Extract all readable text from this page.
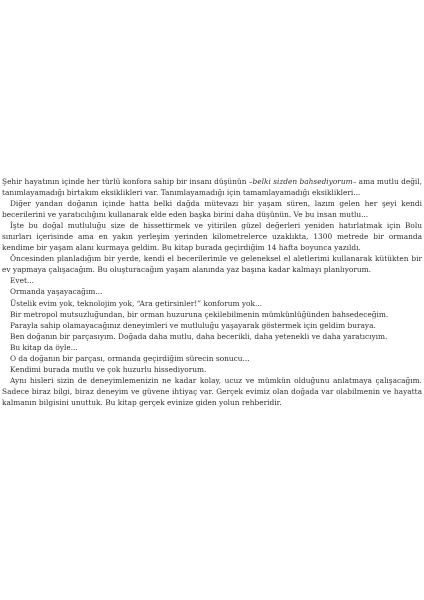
Şehir hayatının içinde her türlü konfora sahip bir insanı düşünün –belki sizden bahsediyorum– ama mutlu değil, tanımlayamadığı birtakım eksiklikleri var. Tanımlayamadığı için tamamlayamadığı eksiklikleri...

Diğer yandan doğanın içinde hatta belki dağda mütevazı bir yaşam süren, lazım gelen her şeyi kendi becerilerini ve yaratıcılığını kullanarak elde eden başka birini daha düşünün. Ve bu insan mutlu...

İşte bu doğal mutluluğu size de hissettirmek ve yitirilen güzel değerleri yeniden hatırlatmak için Bolu sınırları içerisinde ama en yakın yerleşim yerinden kilometrelerce uzaklıkta, 1300 metrede bir ormanda kendime bir yaşam alanı kurmaya geldim. Bu kitap burada geçirdiğim 14 hafta boyunca yazıldı.

Öncesinden planladığım bir yerde, kendi el becerilerimle ve geleneksel el aletlerimi kullanarak kütükten bir ev yapmaya çalışacağım. Bu oluşturacağım yaşam alanında yaz başına kadar kalmayı planlıyorum.

Evet...

Ormanda yaşayacağım...

Üstelik evim yok, teknolojim yok, “Ara getirsinler!” konforum yok...

Bir metropol mutsuzluğundan, bir orman huzuruna çekilebilmenin mümkünlüğünden bahsedeceğim.

Parayla sahip olamayacağınız deneyimleri ve mutluluğu yaşayarak göstermek için geldim buraya.

Ben doğanın bir parçasıyım. Doğada daha mutlu, daha becerikli, daha yetenekli ve daha yaratıcıyım.

Bu kitap da öyle...

O da doğanın bir parçası, ormanda geçirdiğim sürecin sonucu...

Kendimi burada mutlu ve çok huzurlu hissediyorum.

Aynı hisleri sizin de deneyimlemenizin ne kadar kolay, ucuz ve mümkün olduğunu anlatmaya çalışacağım. Sadece biraz bilgi, biraz deneyim ve güvene ihtiyaç var. Gerçek evimiz olan doğada var olabilmenin ve hayatta kalmanın bilgisini unuttuk. Bu kitap gerçek evinize giden yolun rehberidir.
